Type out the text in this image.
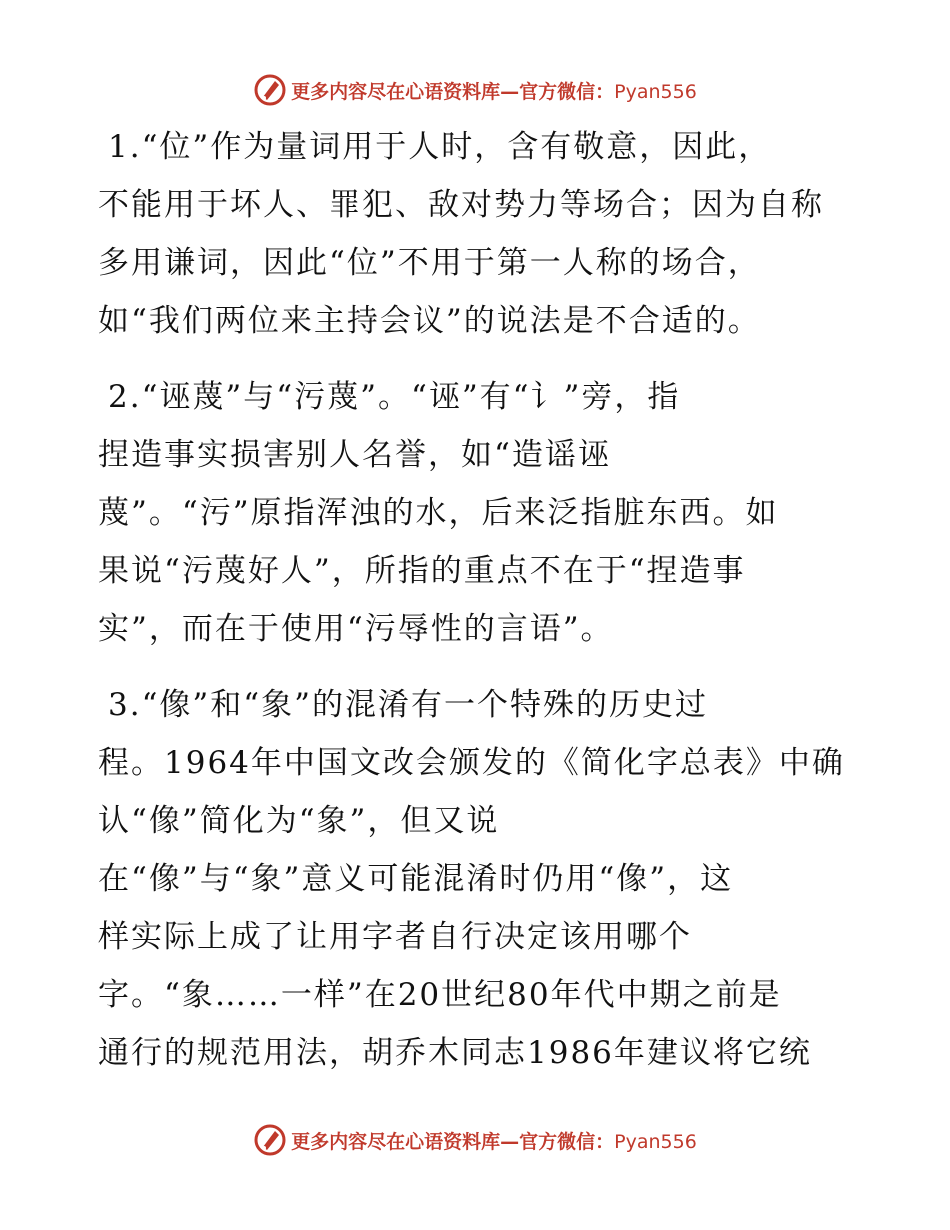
更多内容尽在心语资料库—官方微信：Pyan556
1.“位”作为量词用于人时，含有敬意，因此，
不能用于坏人、罪犯、敌对势力等场合；因为自称
多用谦词，因此“位”不用于第一人称的场合，
如“我们两位来主持会议”的说法是不合适的。
2.“诬蔑”与“污蔑”。“诬”有“讠”旁，指
捏造事实损害别人名誉，如“造谣诬
蔑”。“污”原指浑浊的水，后来泛指脏东西。如
果说“污蔑好人”，所指的重点不在于“捏造事
实”，而在于使用“污辱性的言语”。
3.“像”和“象”的混淆有一个特殊的历史过
程。1964年中国文改会颁发的《简化字总表》中确
认“像”简化为“象”，但又说
在“像”与“象”意义可能混淆时仍用“像”，这
样实际上成了让用字者自行决定该用哪个
字。“象……一样”在20世纪80年代中期之前是
通行的规范用法，胡乔木同志1986年建议将它统
更多内容尽在心语资料库—官方微信：Pyan556
